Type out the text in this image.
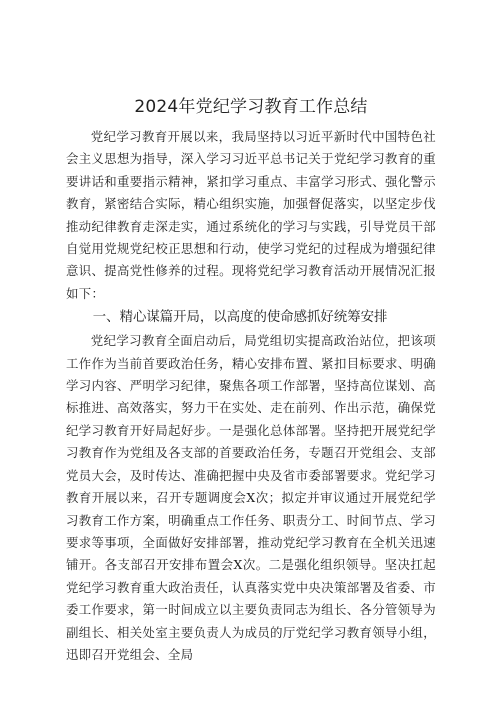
2024年党纪学习教育工作总结

党纪学习教育开展以来，我局坚持以习近平新时代中国特色社会主义思想为指导，深入学习习近平总书记关于党纪学习教育的重要讲话和重要指示精神，紧扣学习重点、丰富学习形式、强化警示教育，紧密结合实际，精心组织实施，加强督促落实，以坚定步伐推动纪律教育走深走实，通过系统化的学习与实践，引导党员干部自觉用党规党纪校正思想和行动，使学习党纪的过程成为增强纪律意识、提高党性修养的过程。现将党纪学习教育活动开展情况汇报如下：

一、精心谋篇开局，以高度的使命感抓好统筹安排

党纪学习教育全面启动后，局党组切实提高政治站位，把该项工作作为当前首要政治任务，精心安排布置、紧扣目标要求、明确学习内容、严明学习纪律，聚焦各项工作部署，坚持高位谋划、高标推进、高效落实，努力干在实处、走在前列、作出示范，确保党纪学习教育开好局起好步。一是强化总体部署。坚持把开展党纪学习教育作为党组及各支部的首要政治任务，专题召开党组会、支部党员大会，及时传达、准确把握中央及省市委部署要求。党纪学习教育开展以来，召开专题调度会X次；拟定并审议通过开展党纪学习教育工作方案，明确重点工作任务、职责分工、时间节点、学习要求等事项，全面做好安排部署，推动党纪学习教育在全机关迅速铺开。各支部召开安排布置会X次。二是强化组织领导。坚决扛起党纪学习教育重大政治责任，认真落实党中央决策部署及省委、市委工作要求，第一时间成立以主要负责同志为组长、各分管领导为副组长、相关处室主要负责人为成员的厅党纪学习教育领导小组，迅即召开党组会、全局
